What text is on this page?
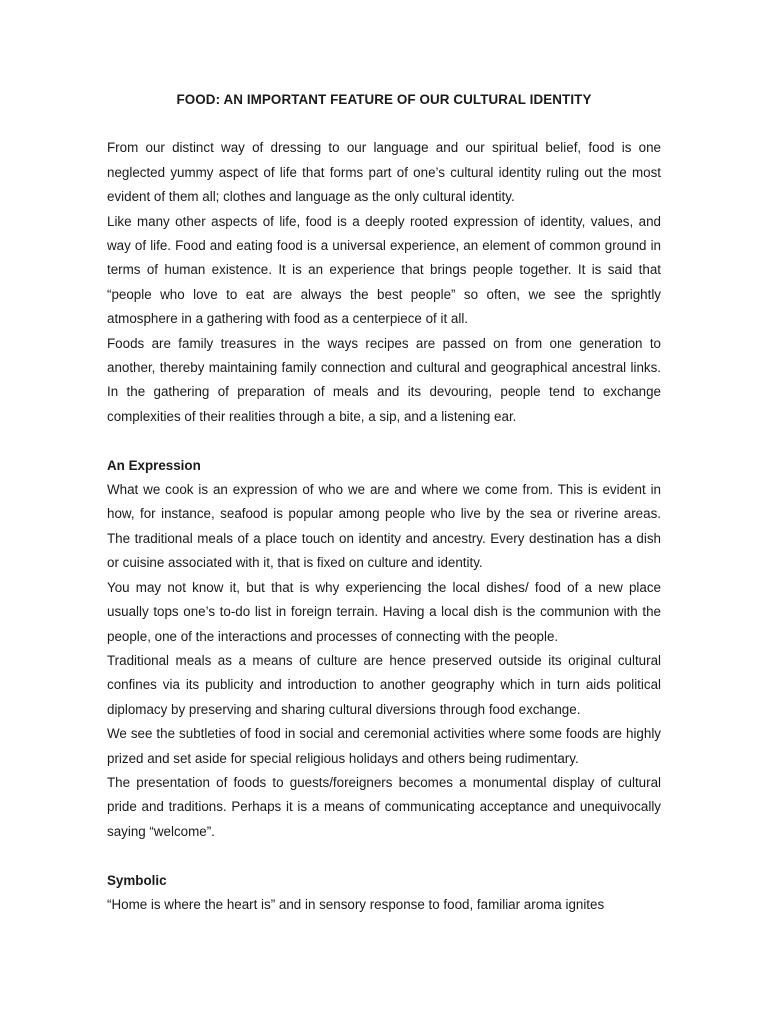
FOOD: AN IMPORTANT FEATURE OF OUR CULTURAL IDENTITY

From our distinct way of dressing to our language and our spiritual belief, food is one neglected yummy aspect of life that forms part of one’s cultural identity ruling out the most evident of them all; clothes and language as the only cultural identity.

Like many other aspects of life, food is a deeply rooted expression of identity, values, and way of life. Food and eating food is a universal experience, an element of common ground in terms of human existence. It is an experience that brings people together. It is said that “people who love to eat are always the best people” so often, we see the sprightly atmosphere in a gathering with food as a centerpiece of it all.

Foods are family treasures in the ways recipes are passed on from one generation to another, thereby maintaining family connection and cultural and geographical ancestral links. In the gathering of preparation of meals and its devouring, people tend to exchange complexities of their realities through a bite, a sip, and a listening ear.

An Expression

What we cook is an expression of who we are and where we come from. This is evident in how, for instance, seafood is popular among people who live by the sea or riverine areas. The traditional meals of a place touch on identity and ancestry. Every destination has a dish or cuisine associated with it, that is fixed on culture and identity.

You may not know it, but that is why experiencing the local dishes/ food of a new place usually tops one’s to-do list in foreign terrain. Having a local dish is the communion with the people, one of the interactions and processes of connecting with the people.

Traditional meals as a means of culture are hence preserved outside its original cultural confines via its publicity and introduction to another geography which in turn aids political diplomacy by preserving and sharing cultural diversions through food exchange.

We see the subtleties of food in social and ceremonial activities where some foods are highly prized and set aside for special religious holidays and others being rudimentary.

The presentation of foods to guests/foreigners becomes a monumental display of cultural pride and traditions. Perhaps it is a means of communicating acceptance and unequivocally saying “welcome”.

Symbolic

“Home is where the heart is” and in sensory response to food, familiar aroma ignites
